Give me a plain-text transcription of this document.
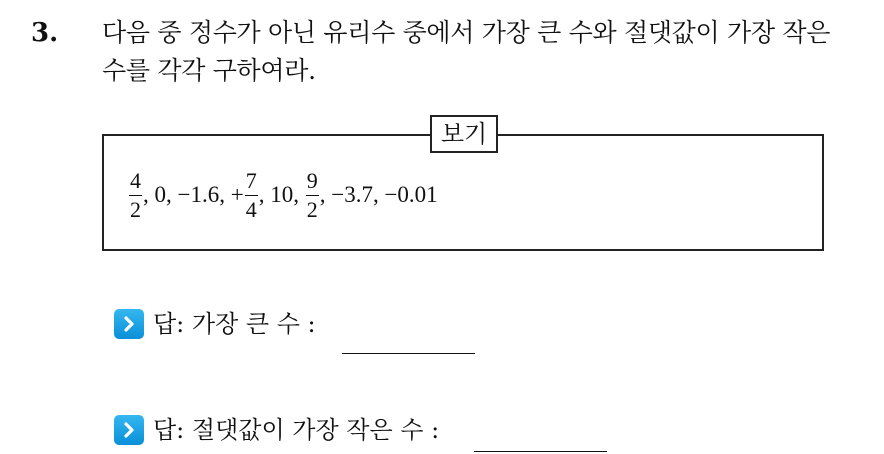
3. 다음 중 정수가 아닌 유리수 중에서 가장 큰 수와 절댓값이 가장 작은
수를 각각 구하여라.
보기
$\frac{4}{2}$ , 0 , −1.6 , + $\frac{7}{4}$ , 10 , $\frac{9}{2}$ , −3.7 , −0.01
답: 가장 큰 수 :
답: 절댓값이 가장 작은 수 :
